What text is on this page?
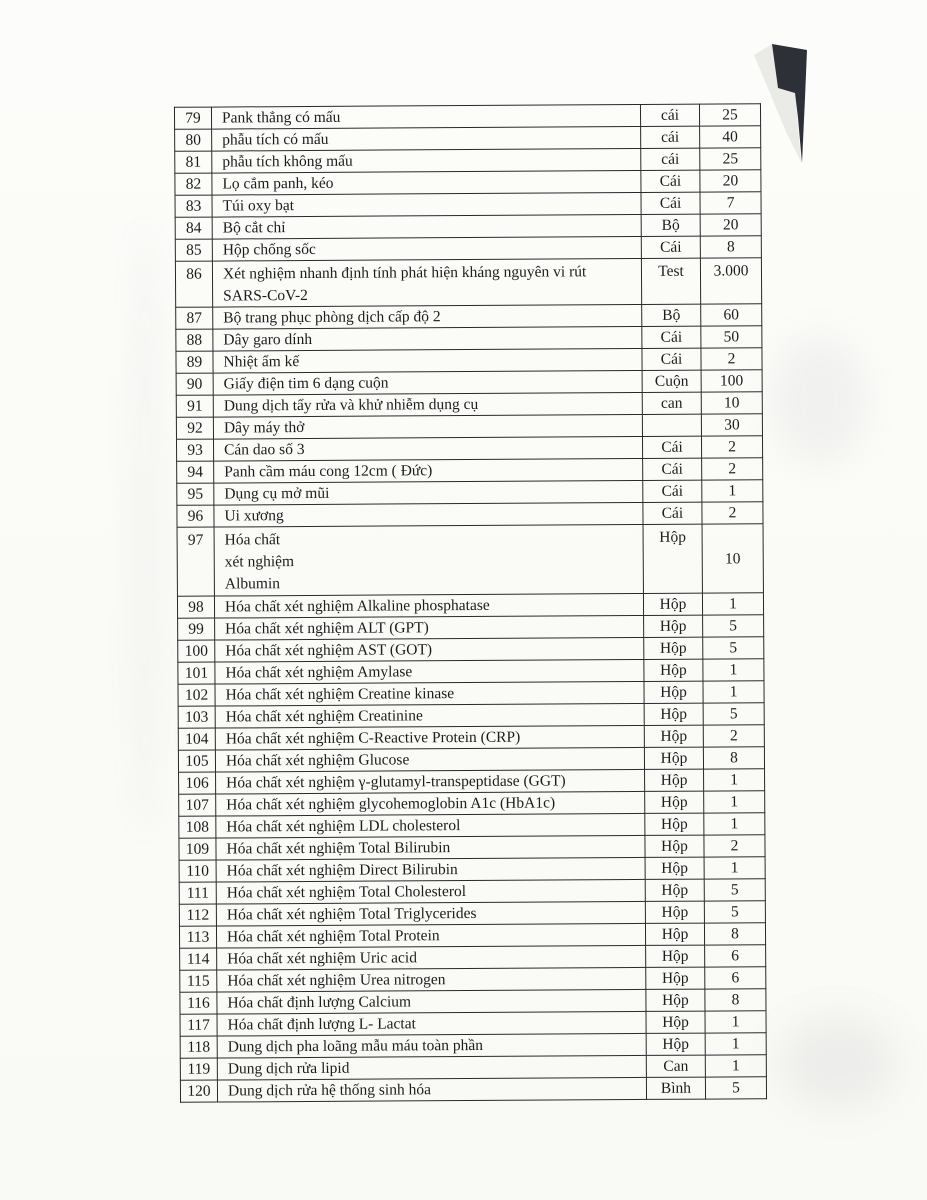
79	Pank thẳng có mấu	cái	25
80	phẫu tích có mấu	cái	40
81	phẫu tích không mấu	cái	25
82	Lọ cắm panh, kéo	Cái	20
83	Túi oxy bạt	Cái	7
84	Bộ cắt chỉ	Bộ	20
85	Hộp chống sốc	Cái	8
86	Xét nghiệm nhanh định tính phát hiện kháng nguyên vi rút
SARS-CoV-2	Test	3.000
87	Bộ trang phục phòng dịch cấp độ 2	Bộ	60
88	Dây garo dính	Cái	50
89	Nhiệt ẩm kế	Cái	2
90	Giấy điện tim 6 dạng cuộn	Cuộn	100
91	Dung dịch tẩy rửa và khử nhiễm dụng cụ	can	10
92	Dây máy thở		30
93	Cán dao số 3	Cái	2
94	Panh cầm máu cong 12cm ( Đức)	Cái	2
95	Dụng cụ mở mũi	Cái	1
96	Ui xương	Cái	2
97	Hóa chất
xét nghiệm
Albumin	Hộp	10
98	Hóa chất xét nghiệm Alkaline phosphatase	Hộp	1
99	Hóa chất xét nghiệm ALT (GPT)	Hộp	5
100	Hóa chất xét nghiệm AST (GOT)	Hộp	5
101	Hóa chất xét nghiệm Amylase	Hộp	1
102	Hóa chất xét nghiệm Creatine kinase	Hộp	1
103	Hóa chất xét nghiệm Creatinine	Hộp	5
104	Hóa chất xét nghiệm C-Reactive Protein (CRP)	Hộp	2
105	Hóa chất xét nghiệm Glucose	Hộp	8
106	Hóa chất xét nghiệm γ-glutamyl-transpeptidase (GGT)	Hộp	1
107	Hóa chất xét nghiệm glycohemoglobin A1c (HbA1c)	Hộp	1
108	Hóa chất xét nghiệm LDL cholesterol	Hộp	1
109	Hóa chất xét nghiệm Total Bilirubin	Hộp	2
110	Hóa chất xét nghiệm Direct Bilirubin	Hộp	1
111	Hóa chất xét nghiệm Total Cholesterol	Hộp	5
112	Hóa chất xét nghiệm Total Triglycerides	Hộp	5
113	Hóa chất xét nghiệm Total Protein	Hộp	8
114	Hóa chất xét nghiệm Uric acid	Hộp	6
115	Hóa chất xét nghiệm Urea nitrogen	Hộp	6
116	Hóa chất định lượng Calcium	Hộp	8
117	Hóa chất định lượng L- Lactat	Hộp	1
118	Dung dịch pha loãng mẫu máu toàn phần	Hộp	1
119	Dung dịch rửa lipid	Can	1
120	Dung dịch rửa hệ thống sinh hóa	Bình	5
